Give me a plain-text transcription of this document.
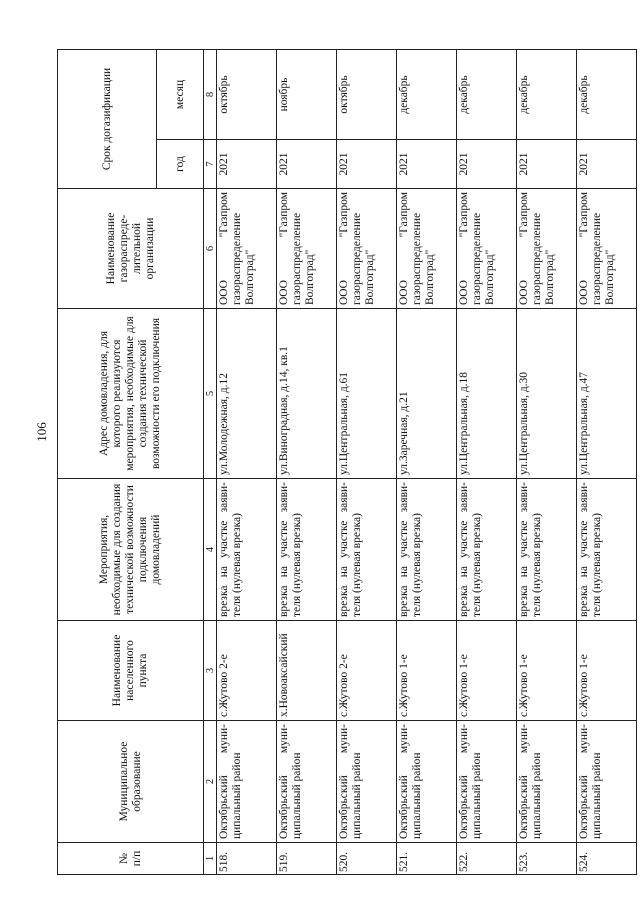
106
№
п/п	Муниципальное образование	Наименование населенного пункта	Мероприятия, необходимые для создания технической возможности подключения домовладений	Адрес домовладения, для которого реализуются мероприятия, необходимые для создания технической возможности его подключения	Наименование газораспреде-лительной организации	Срок догазификации	
						год	месяц
1	2	3	4	5	6	7	8
518.	Октябрьский муни-ципальный район	с.Жутово 2-е	врезка на участке заяви-теля (нулевая врезка)	ул.Молодежная, д.12	ООО "Газпром газораспределение Волгоград"	2021	октябрь
519.	Октябрьский муни-ципальный район	х.Новоаксайский	врезка на участке заяви-теля (нулевая врезка)	ул.Виноградная, д.14, кв.1	ООО "Газпром газораспределение Волгоград"	2021	ноябрь
520.	Октябрьский муни-ципальный район	с.Жутово 2-е	врезка на участке заяви-теля (нулевая врезка)	ул.Центральная, д.61	ООО "Газпром газораспределение Волгоград"	2021	октябрь
521.	Октябрьский муни-ципальный район	с.Жутово 1-е	врезка на участке заяви-теля (нулевая врезка)	ул.Заречная, д.21	ООО "Газпром газораспределение Волгоград"	2021	декабрь
522.	Октябрьский муни-ципальный район	с.Жутово 1-е	врезка на участке заяви-теля (нулевая врезка)	ул.Центральная, д.18	ООО "Газпром газораспределение Волгоград"	2021	декабрь
523.	Октябрьский муни-ципальный район	с.Жутово 1-е	врезка на участке заяви-теля (нулевая врезка)	ул.Центральная, д.30	ООО "Газпром газораспределение Волгоград"	2021	декабрь
524.	Октябрьский муни-ципальный район	с.Жутово 1-е	врезка на участке заяви-теля (нулевая врезка)	ул.Центральная, д.47	ООО "Газпром газораспределение Волгоград"	2021	декабрь
